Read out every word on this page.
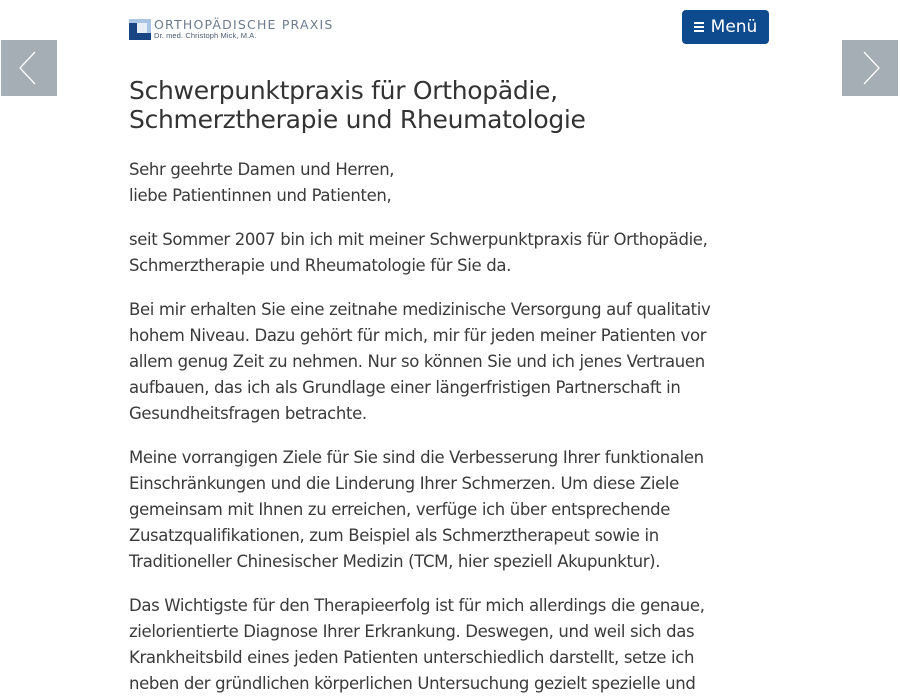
ORTHOPÄDISCHE PRAXIS
Dr. med. Christoph Mick, M.A.	Menü
Schwerpunktpraxis für Orthopädie,
Schmerztherapie und Rheumatologie

Sehr geehrte Damen und Herren,
liebe Patientinnen und Patienten,

seit Sommer 2007 bin ich mit meiner Schwerpunktpraxis für Orthopädie,
Schmerztherapie und Rheumatologie für Sie da.

Bei mir erhalten Sie eine zeitnahe medizinische Versorgung auf qualitativ
hohem Niveau. Dazu gehört für mich, mir für jeden meiner Patienten vor
allem genug Zeit zu nehmen. Nur so können Sie und ich jenes Vertrauen
aufbauen, das ich als Grundlage einer längerfristigen Partnerschaft in
Gesundheitsfragen betrachte.

Meine vorrangigen Ziele für Sie sind die Verbesserung Ihrer funktionalen
Einschränkungen und die Linderung Ihrer Schmerzen. Um diese Ziele
gemeinsam mit Ihnen zu erreichen, verfüge ich über entsprechende
Zusatzqualifikationen, zum Beispiel als Schmerztherapeut sowie in
Traditioneller Chinesischer Medizin (TCM, hier speziell Akupunktur).

Das Wichtigste für den Therapieerfolg ist für mich allerdings die genaue,
zielorientierte Diagnose Ihrer Erkrankung. Deswegen, und weil sich das
Krankheitsbild eines jeden Patienten unterschiedlich darstellt, setze ich
neben der gründlichen körperlichen Untersuchung gezielt spezielle und
